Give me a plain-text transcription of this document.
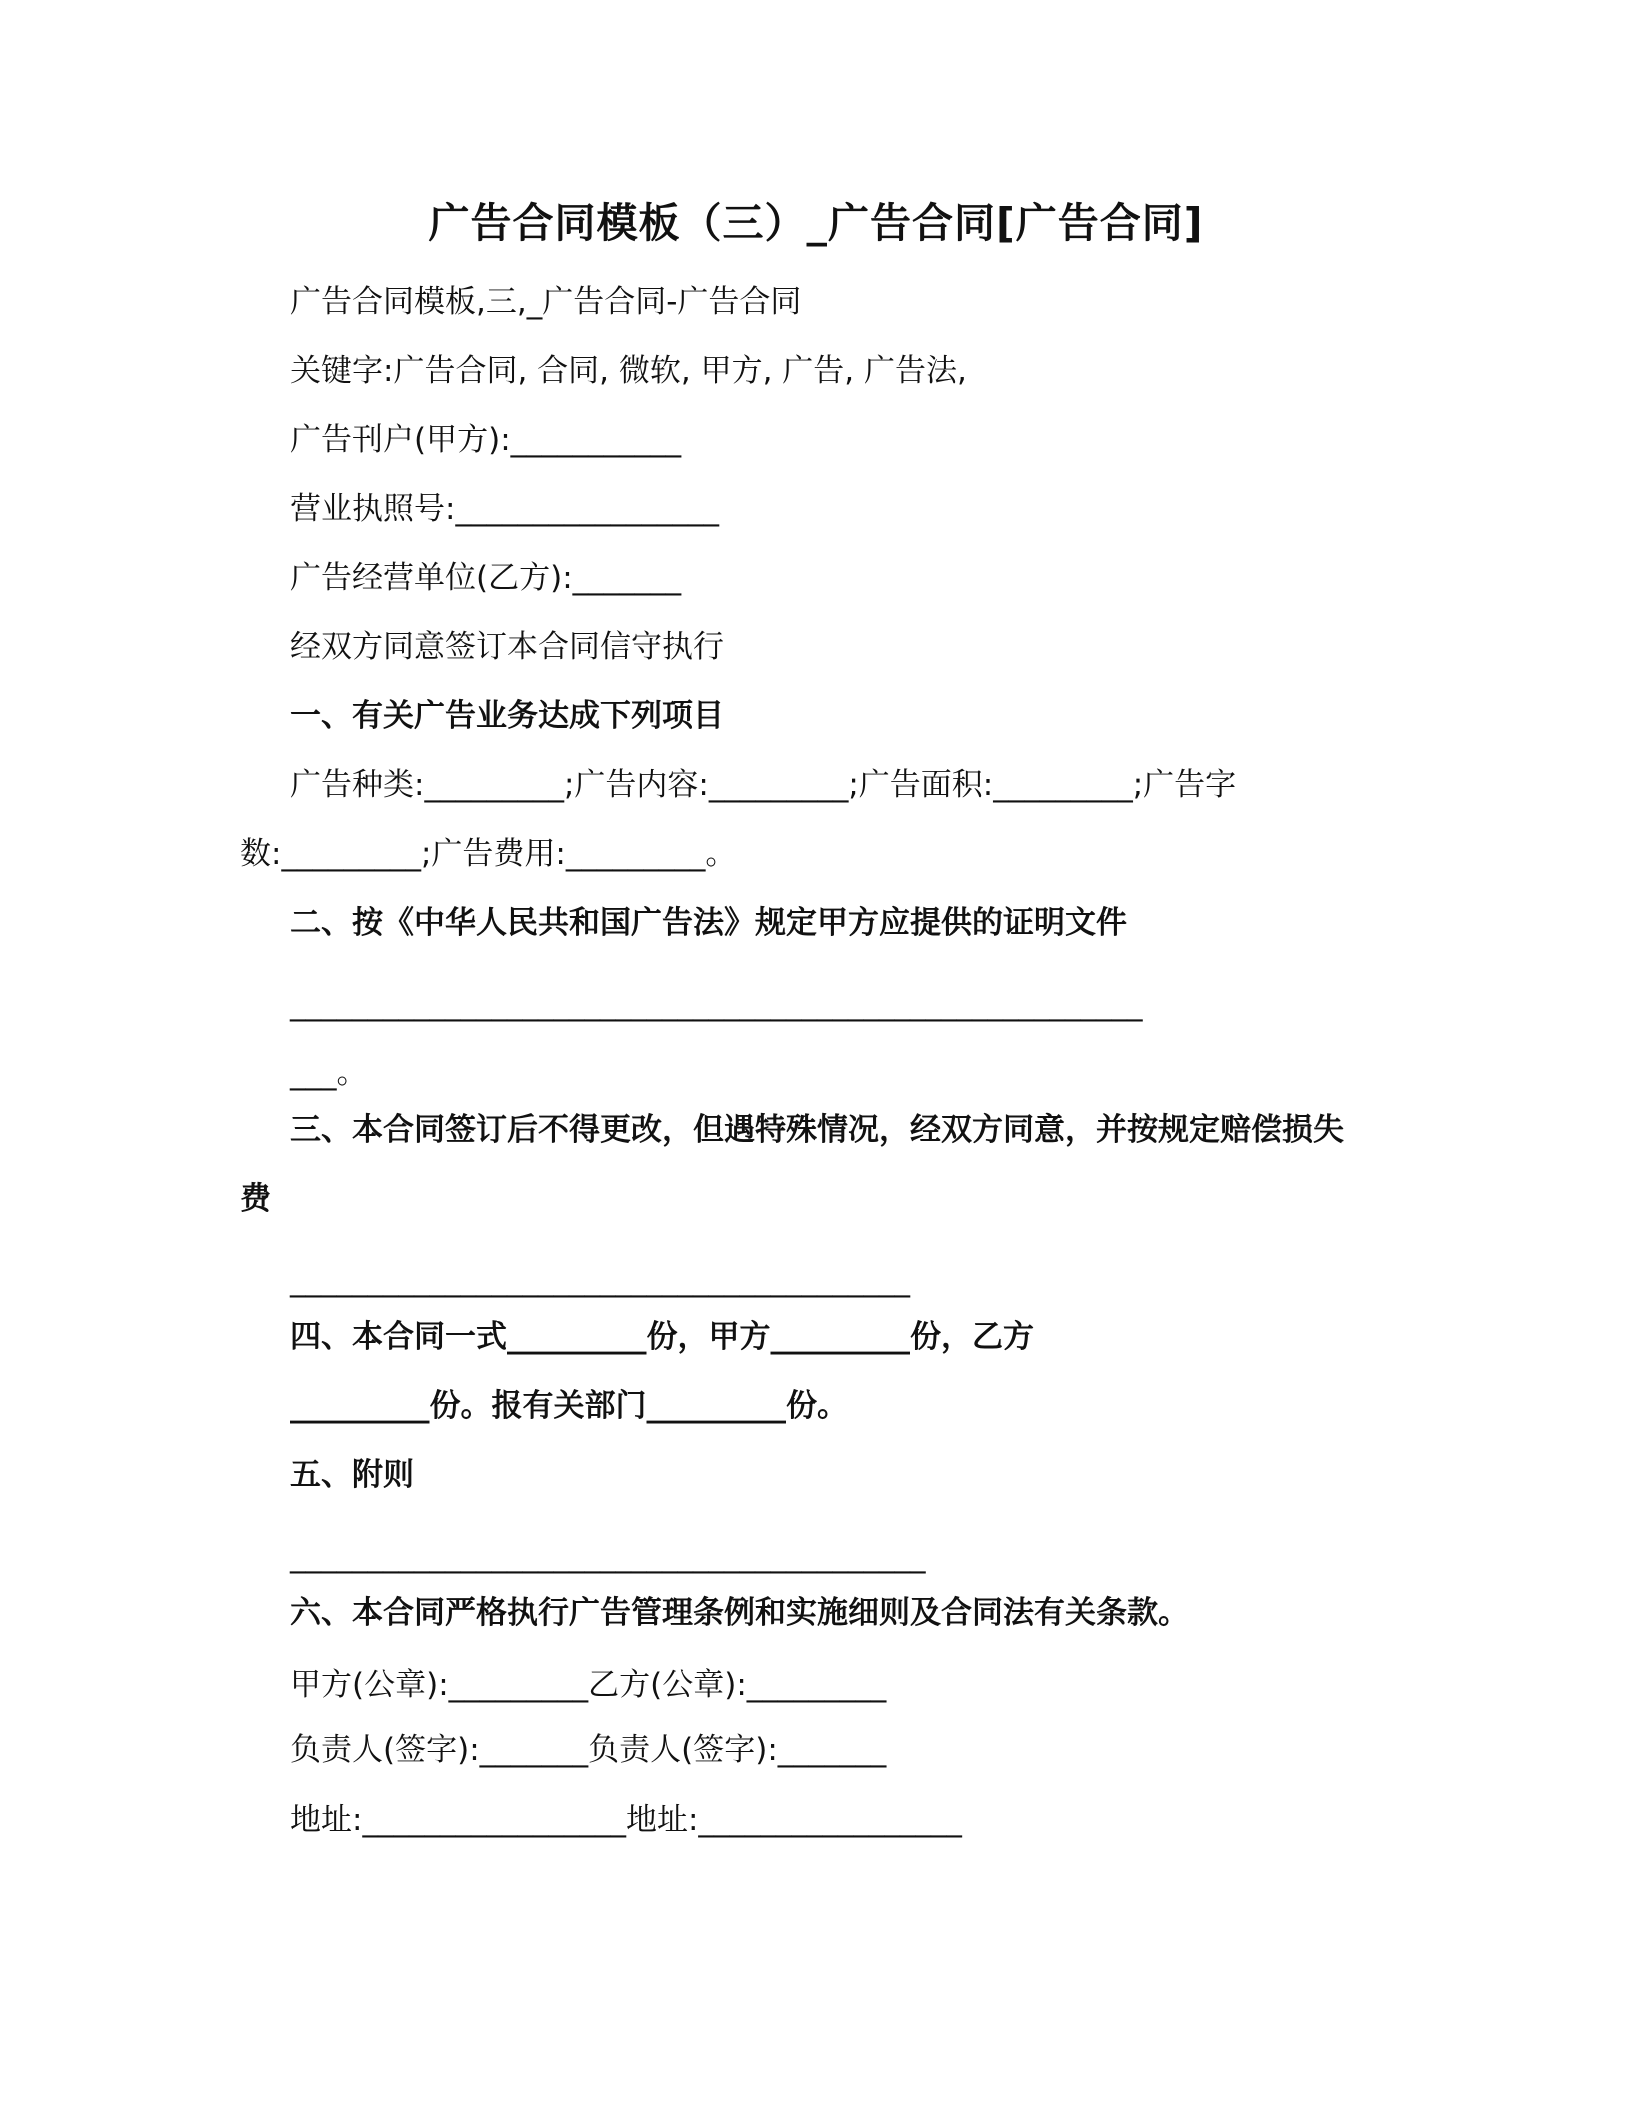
广告合同模板（三）_广告合同[广告合同]
广告合同模板,三,_广告合同-广告合同
关键字:广告合同, 合同, 微软, 甲方, 广告, 广告法,
广告刊户(甲方):___________
营业执照号:_________________
广告经营单位(乙方):_______
经双方同意签订本合同信守执行
一、有关广告业务达成下列项目
广告种类:_________;广告内容:_________;广告面积:_________;广告字
数:_________;广告费用:_________。
二、按《中华人民共和国广告法》规定甲方应提供的证明文件
_______________________________________________________
___。
三、本合同签订后不得更改，但遇特殊情况，经双方同意，并按规定赔偿损失
费
________________________________________
四、本合同一式_________份，甲方_________份，乙方
_________份。报有关部门_________份。
五、附则
_________________________________________
六、本合同严格执行广告管理条例和实施细则及合同法有关条款。
甲方(公章):_________乙方(公章):_________
负责人(签字):_______负责人(签字):_______
地址:_________________地址:_________________
